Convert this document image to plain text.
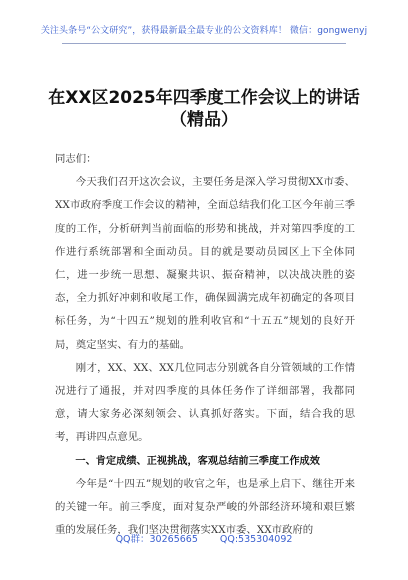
关注头条号“公文研究”，获得最新最全最专业的公文资料库！ 微信：gongwenyj
在XX区2025年四季度工作会议上的讲话
（精品）

同志们：

今天我们召开这次会议，主要任务是深入学习贯彻XX市委、XX市政府季度工作会议的精神，全面总结我们化工区今年前三季度的工作，分析研判当前面临的形势和挑战，并对第四季度的工作进行系统部署和全面动员。目的就是要动员园区上下全体同仁，进一步统一思想、凝聚共识、振奋精神，以决战决胜的姿态，全力抓好冲刺和收尾工作，确保圆满完成年初确定的各项目标任务，为“十四五”规划的胜利收官和“十五五”规划的良好开局，奠定坚实、有力的基础。

刚才，XX、XX、XX几位同志分别就各自分管领域的工作情况进行了通报，并对四季度的具体任务作了详细部署，我都同意，请大家务必深刻领会、认真抓好落实。下面，结合我的思考，再讲四点意见。

一、肯定成绩、正视挑战，客观总结前三季度工作成效

今年是“十四五”规划的收官之年，也是承上启下、继往开来的关键一年。前三季度，面对复杂严峻的外部经济环境和艰巨繁重的发展任务，我们坚决贯彻落实XX市委、XX市政府的

QQ群：30265665 QQ:535304092
